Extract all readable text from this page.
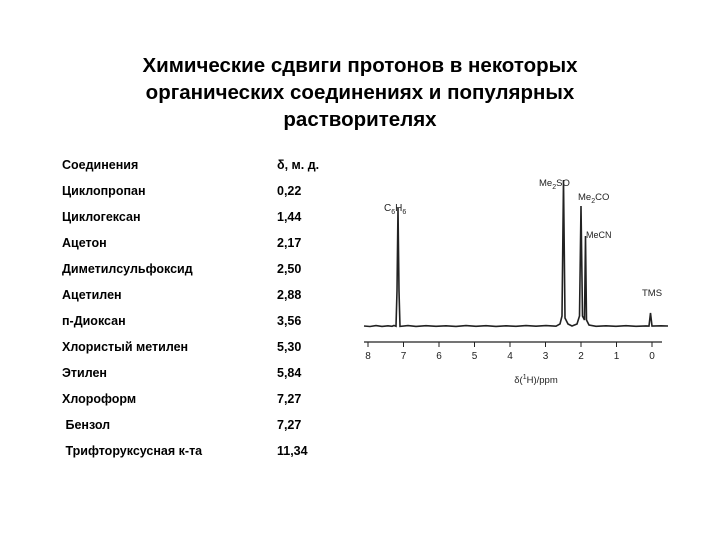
Химические сдвиги протонов в некоторых
органических соединениях и популярных
растворителях
Соединения	δ, м. д.
Циклопропан	0,22
Циклогексан	1,44
Ацетон	2,17
Диметилсульфоксид	2,50
Ацетилен	2,88
п-Диоксан	3,56
Хлористый метилен	5,30
Этилен	5,84
Хлороформ	7,27
Бензол	7,27
Трифторуксусная к-та	11,34
8	7	6	5	4	3	2	1	0
δ($^1$H)/ppm
$C_6H_6$
$Me_2SO$
$Me_2CO$
MeCN
TMS
